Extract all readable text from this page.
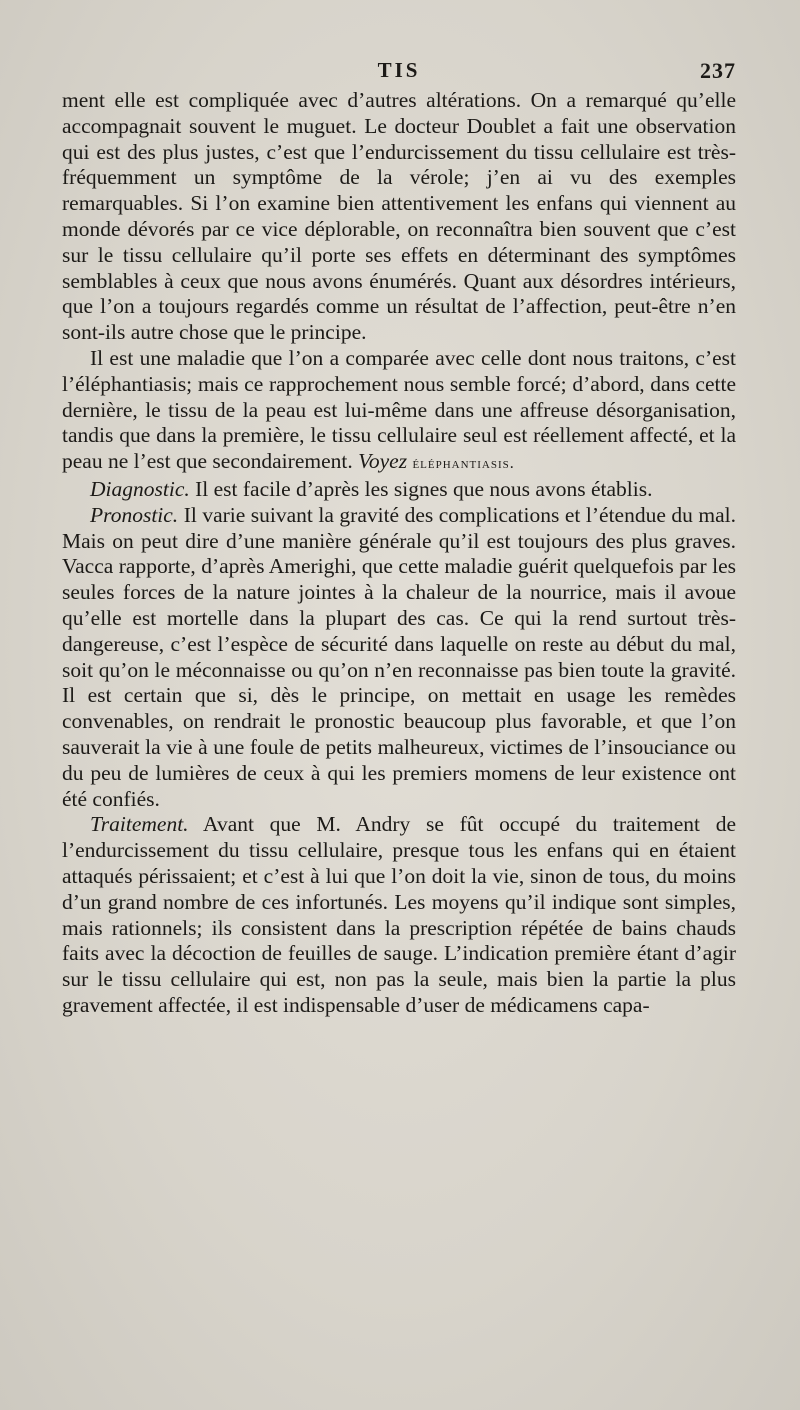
TIS	237

ment elle est compliquée avec d’autres altérations. On a remarqué qu’elle accompagnait souvent le muguet. Le docteur Doublet a fait une observation qui est des plus justes, c’est que l’endurcissement du tissu cellulaire est très-fréquemment un symptôme de la vérole; j’en ai vu des exemples remarquables. Si l’on examine bien attentivement les enfans qui viennent au monde dévorés par ce vice déplorable, on reconnaîtra bien souvent que c’est sur le tissu cellulaire qu’il porte ses effets en déterminant des symptômes semblables à ceux que nous avons énumérés. Quant aux désordres intérieurs, que l’on a toujours regardés comme un résultat de l’affection, peut-être n’en sont-ils autre chose que le principe.

Il est une maladie que l’on a comparée avec celle dont nous traitons, c’est l’éléphantiasis; mais ce rapprochement nous semble forcé; d’abord, dans cette dernière, le tissu de la peau est lui-même dans une affreuse désorganisation, tandis que dans la première, le tissu cellulaire seul est réellement affecté, et la peau ne l’est que secondairement. Voyez éléphantiasis.

Diagnostic. Il est facile d’après les signes que nous avons établis.

Pronostic. Il varie suivant la gravité des complications et l’étendue du mal. Mais on peut dire d’une manière générale qu’il est toujours des plus graves. Vacca rapporte, d’après Amerighi, que cette maladie guérit quelquefois par les seules forces de la nature jointes à la chaleur de la nourrice, mais il avoue qu’elle est mortelle dans la plupart des cas. Ce qui la rend surtout très-dangereuse, c’est l’espèce de sécurité dans laquelle on reste au début du mal, soit qu’on le méconnaisse ou qu’on n’en reconnaisse pas bien toute la gravité. Il est certain que si, dès le principe, on mettait en usage les remèdes convenables, on rendrait le pronostic beaucoup plus favorable, et que l’on sauverait la vie à une foule de petits malheureux, victimes de l’insouciance ou du peu de lumières de ceux à qui les premiers momens de leur existence ont été confiés.

Traitement. Avant que M. Andry se fût occupé du traitement de l’endurcissement du tissu cellulaire, presque tous les enfans qui en étaient attaqués périssaient; et c’est à lui que l’on doit la vie, sinon de tous, du moins d’un grand nombre de ces infortunés. Les moyens qu’il indique sont simples, mais rationnels; ils consistent dans la prescription répétée de bains chauds faits avec la décoction de feuilles de sauge. L’indication première étant d’agir sur le tissu cellulaire qui est, non pas la seule, mais bien la partie la plus gravement affectée, il est indispensable d’user de médicamens capa-
